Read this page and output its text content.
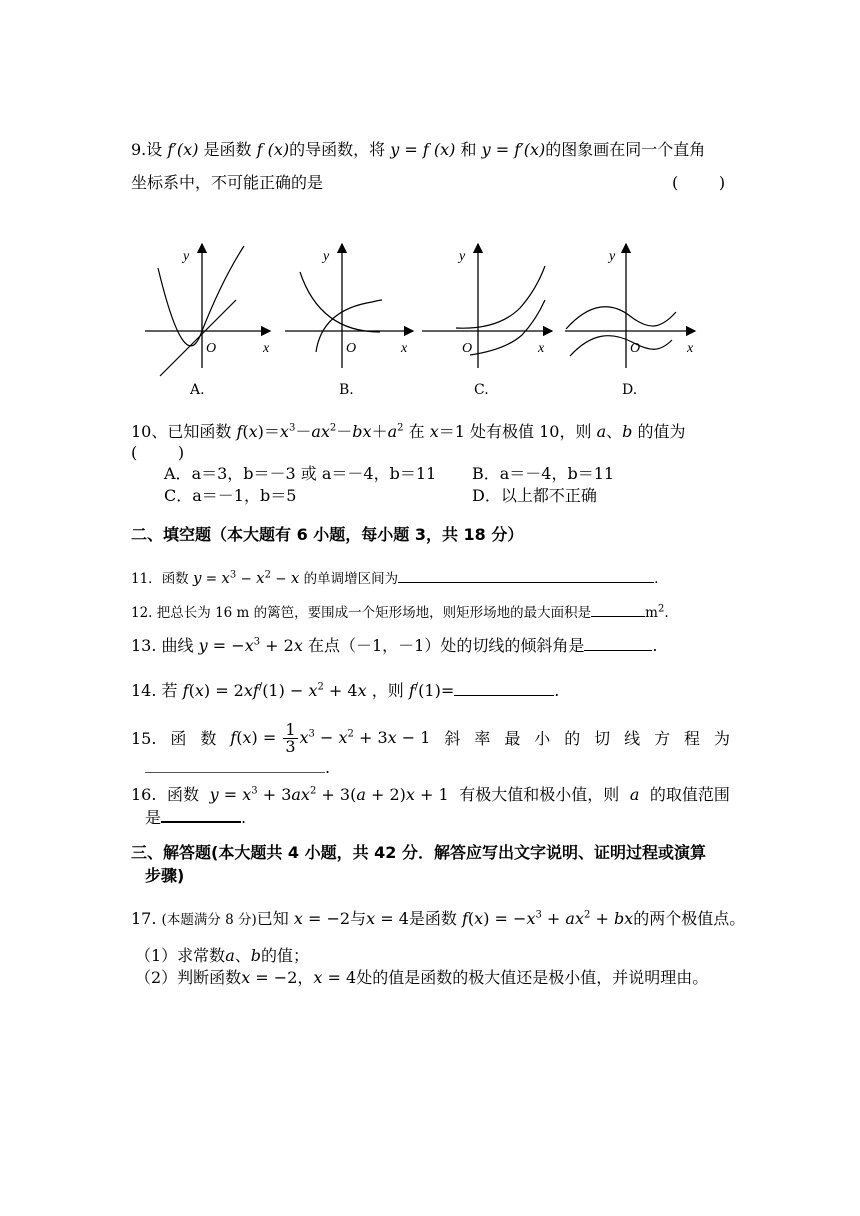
9.设 f′(x) 是函数 f (x)的导函数，将 y = f (x) 和 y = f′(x)的图象画在同一个直角
坐标系中，不可能正确的是	(        )
y
O	x
y
O	x
y
O	x
y
O	x
A.	B.	C.	D.
10、已知函数 $f(x)=x^3-ax^2-bx+a^2$ 在 x＝1 处有极值 10，则 a、b 的值为
(        )
A．a＝3，b＝－3 或 a＝－4，b＝11 B．a＝－4，b＝11
C．a＝－1，b＝5	D．以上都不正确
二、填空题（本大题有 6 小题，每小题 3，共 18 分）
11．函数 $y = x^3 - x^2 - x$ 的单调增区间为	.
12. 把总长为 16 m 的篱笆，要围成一个矩形场地，则矩形场地的最大面积是	$m^2$.
13. 曲线 $y = -x^3 + 2x$ 在点（－1，－1）处的切线的倾斜角是	.
14. 若 $f(x) = 2xf^/(1) - x^2 + 4x$ ，则 f/(1)=	.
15. 函 数 $f(x) = \frac{1}{3} x^3 - x^2 + 3x - 1$ 斜 率 最 小 的 切 线 方 程 为
.
16. 函数 $y = x^3 + 3ax^2 + 3(a + 2)x + 1$ 有极大值和极小值，则 a 的取值范围
是	.
三、解答题(本大题共 4 小题，共 42 分．解答应写出文字说明、证明过程或演算
步骤)
17. (本题满分 8 分)已知 x = −2与x = 4是函数 $f(x) = -x^3 + ax^2$ + bx的两个极值点。
（1）求常数a、b的值；
（2）判断函数x = −2，x = 4处的值是函数的极大值还是极小值，并说明理由。
